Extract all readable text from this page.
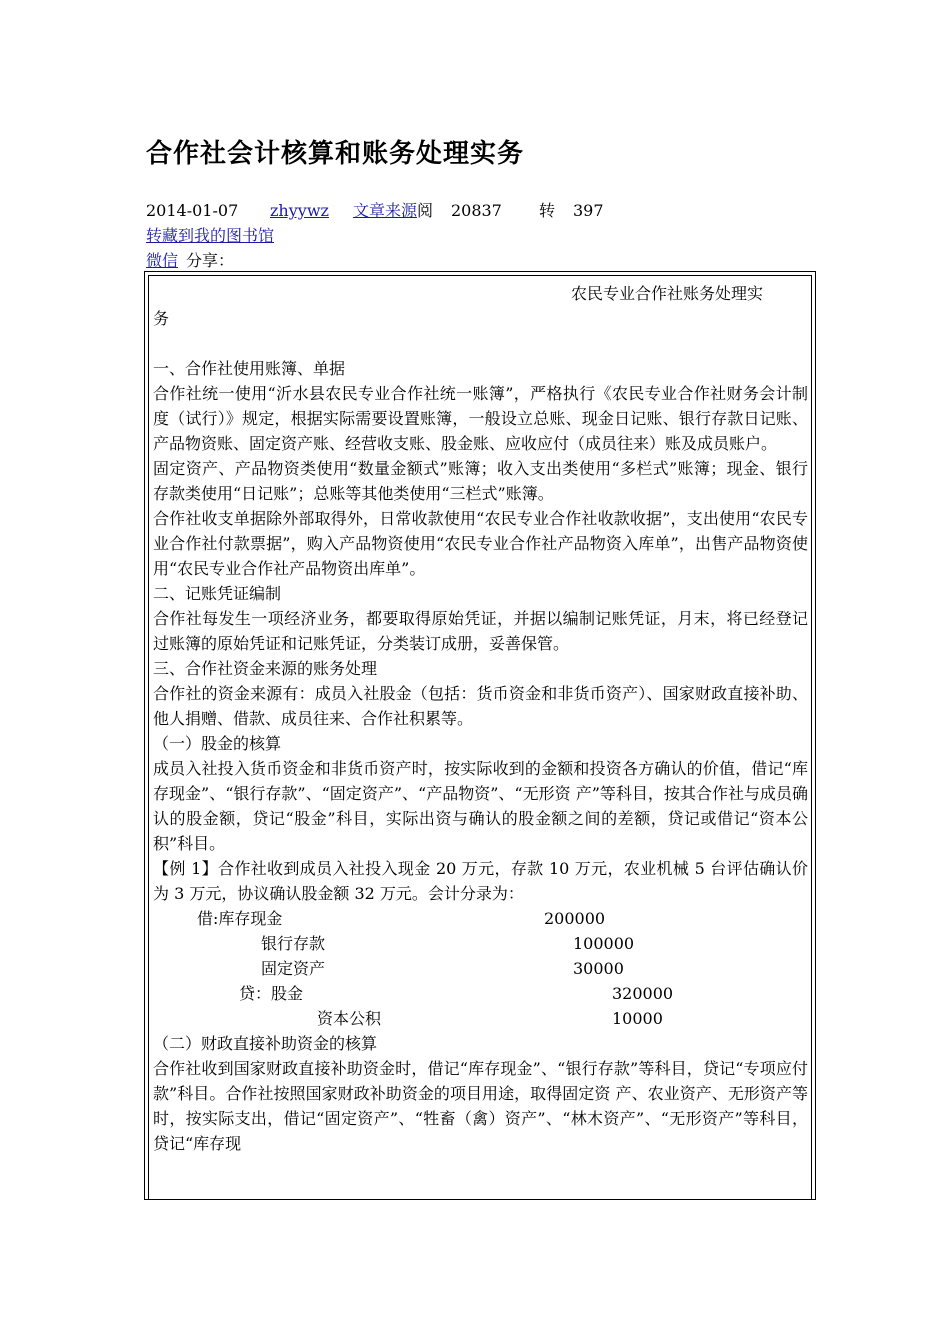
合作社会计核算和账务处理实务
2014-01-07 zhyywz 文章来源阅 20837 转 397
转藏到我的图书馆
微信 分享：

农民专业合作社账务处理实

务

一、合作社使用账簿、单据

合作社统一使用“沂水县农民专业合作社统一账簿”，严格执行《农民专业合作社财务会计制度（试行）》规定，根据实际需要设置账簿，一般设立总账、现金日记账、银行存款日记账、产品物资账、固定资产账、经营收支账、股金账、应收应付（成员往来）账及成员账户。

固定资产、产品物资类使用“数量金额式”账簿；收入支出类使用“多栏式”账簿；现金、银行存款类使用“日记账”；总账等其他类使用“三栏式”账簿。

合作社收支单据除外部取得外，日常收款使用“农民专业合作社收款收据”，支出使用“农民专业合作社付款票据”，购入产品物资使用“农民专业合作社产品物资入库单”，出售产品物资使用“农民专业合作社产品物资出库单”。

二、记账凭证编制

合作社每发生一项经济业务，都要取得原始凭证，并据以编制记账凭证，月末，将已经登记过账簿的原始凭证和记账凭证，分类装订成册，妥善保管。

三、合作社资金来源的账务处理

合作社的资金来源有：成员入社股金（包括：货币资金和非货币资产）、国家财政直接补助、他人捐赠、借款、成员往来、合作社积累等。

（一）股金的核算

成员入社投入货币资金和非货币资产时，按实际收到的金额和投资各方确认的价值，借记“库存现金”、“银行存款”、“固定资产”、“产品物资”、“无形资 产”等科目，按其合作社与成员确认的股金额，贷记“股金”科目，实际出资与确认的股金额之间的差额，贷记或借记“资本公积”科目。

【例 1】合作社收到成员入社投入现金 20 万元，存款 10 万元，农业机械 5 台评估确认价为 3 万元，协议确认股金额 32 万元。会计分录为：

借:库存现金	200000
银行存款	100000
固定资产	30000
贷：股金	320000
资本公积	10000

（二）财政直接补助资金的核算

合作社收到国家财政直接补助资金时，借记“库存现金”、“银行存款”等科目，贷记“专项应付款”科目。合作社按照国家财政补助资金的项目用途，取得固定资 产、农业资产、无形资产等时，按实际支出，借记“固定资产”、“牲畜（禽）资产”、“林木资产”、“无形资产”等科目，贷记“库存现
